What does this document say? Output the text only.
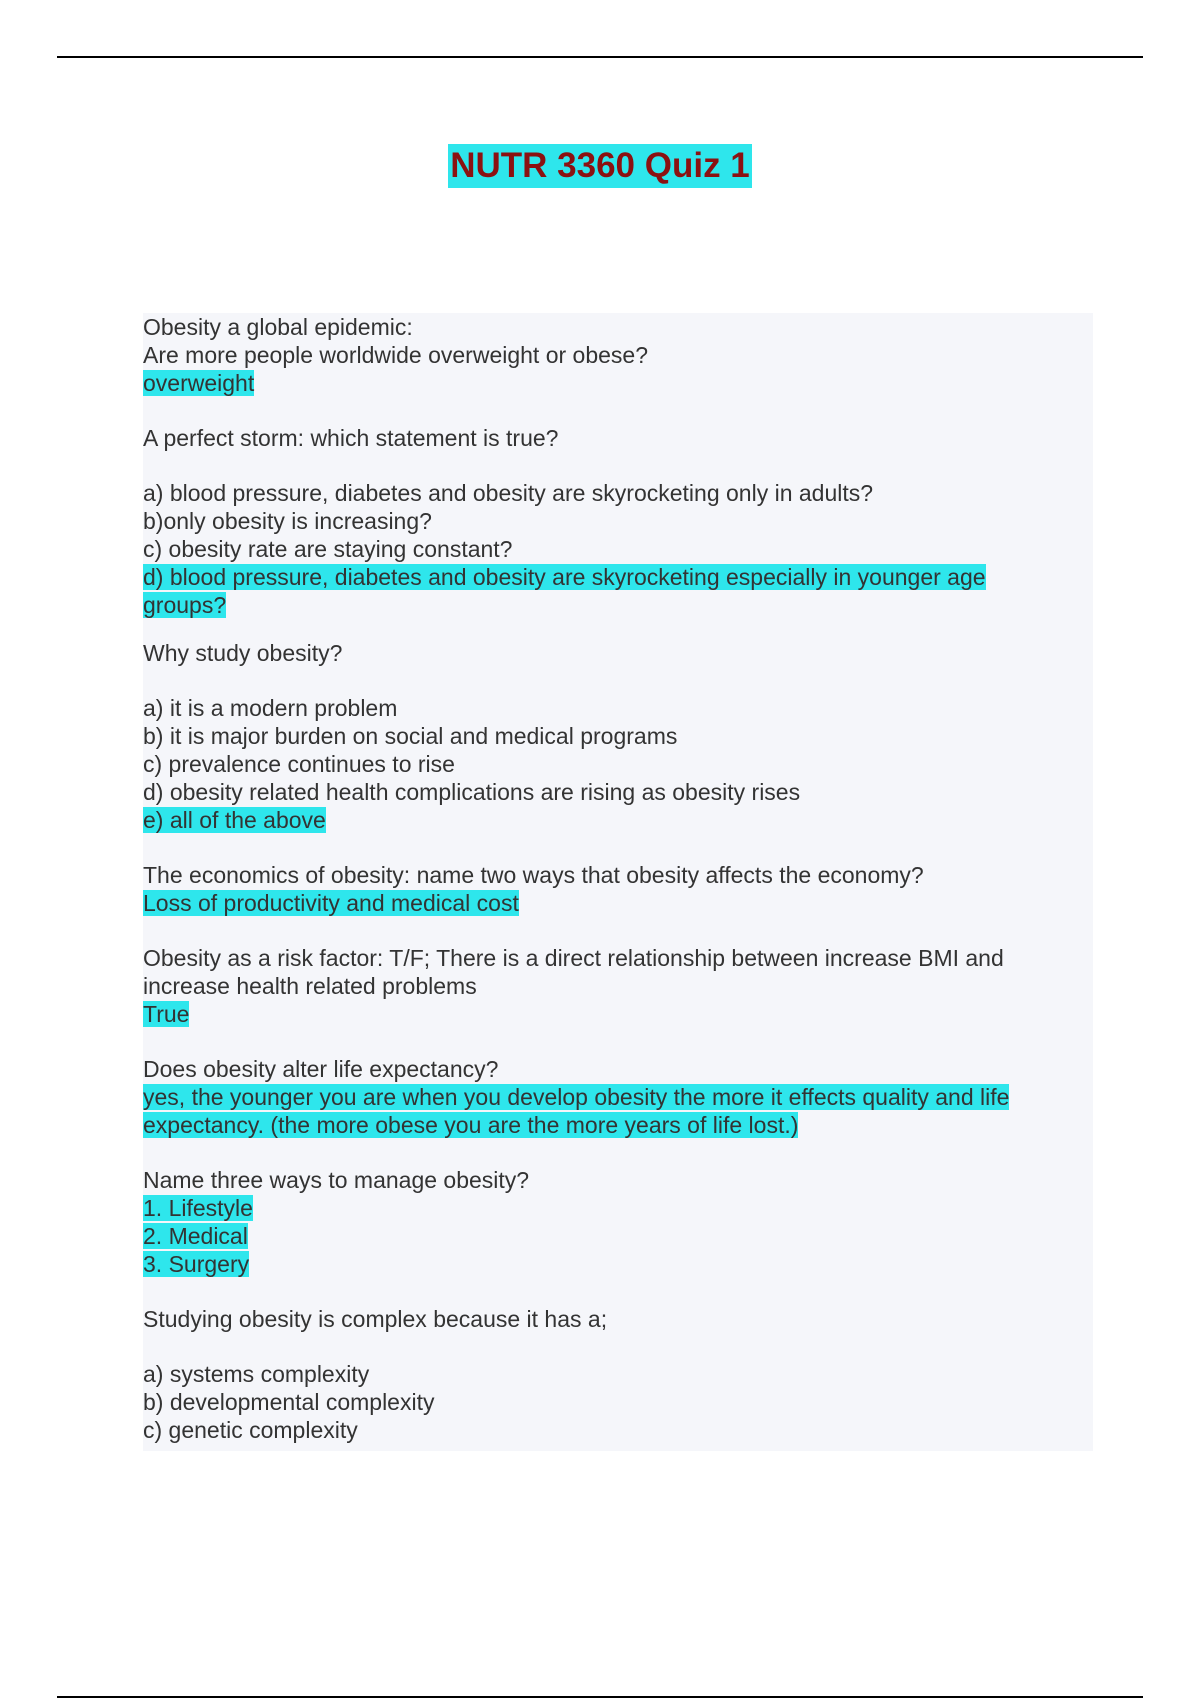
NUTR 3360 Quiz 1
Obesity a global epidemic:
Are more people worldwide overweight or obese?
overweight
A perfect storm: which statement is true?
a) blood pressure, diabetes and obesity are skyrocketing only in adults?
b)only obesity is increasing?
c) obesity rate are staying constant?
d) blood pressure, diabetes and obesity are skyrocketing especially in younger age
groups?
Why study obesity?
a) it is a modern problem
b) it is major burden on social and medical programs
c) prevalence continues to rise
d) obesity related health complications are rising as obesity rises
e) all of the above
The economics of obesity: name two ways that obesity affects the economy?
Loss of productivity and medical cost
Obesity as a risk factor: T/F; There is a direct relationship between increase BMI and
increase health related problems
True
Does obesity alter life expectancy?
yes, the younger you are when you develop obesity the more it effects quality and life
expectancy. (the more obese you are the more years of life lost.)
Name three ways to manage obesity?
1. Lifestyle
2. Medical
3. Surgery
Studying obesity is complex because it has a;
a) systems complexity
b) developmental complexity
c) genetic complexity
